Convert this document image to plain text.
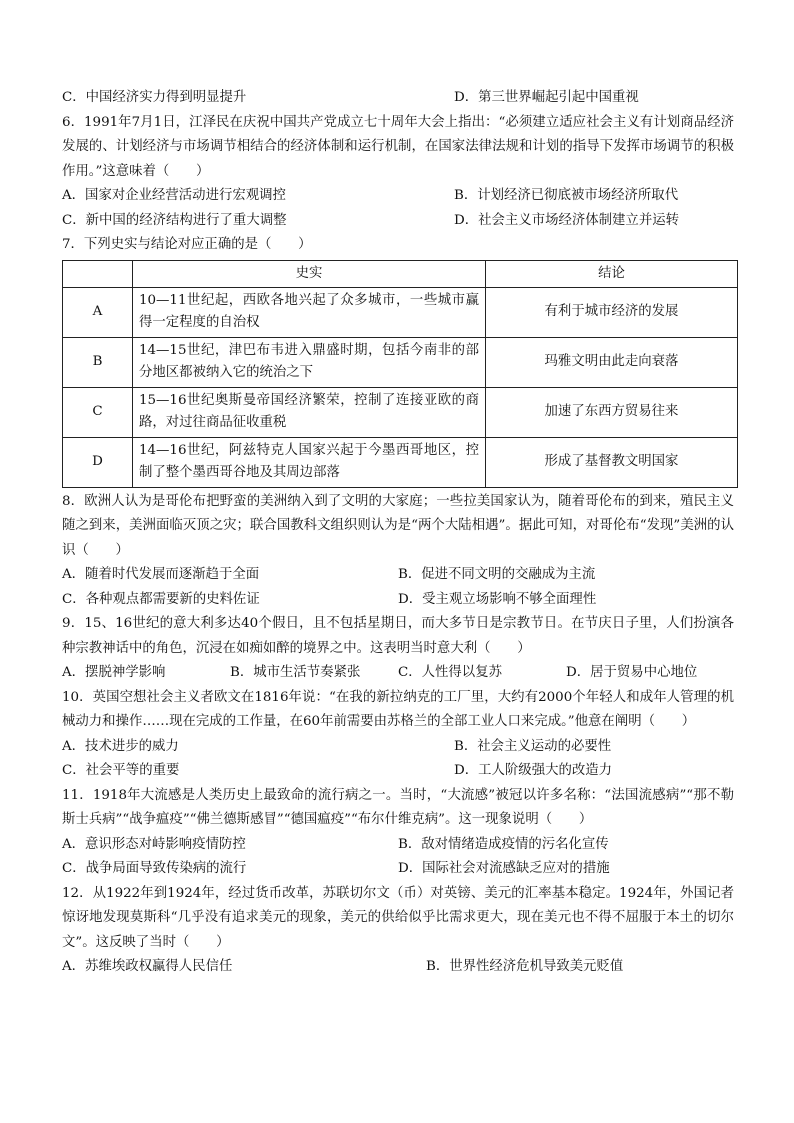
C．中国经济实力得到明显提升	D．第三世界崛起引起中国重视
6．1991年7月1日，江泽民在庆祝中国共产党成立七十周年大会上指出：“必须建立适应社会主义有计划商品经济发展的、计划经济与市场调节相结合的经济体制和运行机制，在国家法律法规和计划的指导下发挥市场调节的积极作用。”这意味着（　　）
A．国家对企业经营活动进行宏观调控	B．计划经济已彻底被市场经济所取代
C．新中国的经济结构进行了重大调整	D．社会主义市场经济体制建立并运转
7．下列史实与结论对应正确的是（　　）
	史实	结论
A	10—11世纪起，西欧各地兴起了众多城市，一些城市赢得一定程度的自治权	有利于城市经济的发展
B	14—15世纪，津巴布韦进入鼎盛时期，包括今南非的部分地区都被纳入它的统治之下	玛雅文明由此走向衰落
C	15—16世纪奥斯曼帝国经济繁荣，控制了连接亚欧的商路，对过往商品征收重税	加速了东西方贸易往来
D	14—16世纪，阿兹特克人国家兴起于今墨西哥地区，控制了整个墨西哥谷地及其周边部落	形成了基督教文明国家
8．欧洲人认为是哥伦布把野蛮的美洲纳入到了文明的大家庭；一些拉美国家认为，随着哥伦布的到来，殖民主义随之到来，美洲面临灭顶之灾；联合国教科文组织则认为是“两个大陆相遇”。据此可知，对哥伦布“发现”美洲的认识（　　）
A．随着时代发展而逐渐趋于全面	B．促进不同文明的交融成为主流
C．各种观点都需要新的史料佐证	D．受主观立场影响不够全面理性
9．15、16世纪的意大利多达40个假日，且不包括星期日，而大多节日是宗教节日。在节庆日子里，人们扮演各种宗教神话中的角色，沉浸在如痴如醉的境界之中。这表明当时意大利（　　）
A．摆脱神学影响	B．城市生活节奏紧张	C．人性得以复苏	D．居于贸易中心地位
10．英国空想社会主义者欧文在1816年说：“在我的新拉纳克的工厂里，大约有2000个年轻人和成年人管理的机械动力和操作……现在完成的工作量，在60年前需要由苏格兰的全部工业人口来完成。”他意在阐明（　　）
A．技术进步的威力	B．社会主义运动的必要性
C．社会平等的重要	D．工人阶级强大的改造力
11．1918年大流感是人类历史上最致命的流行病之一。当时，“大流感”被冠以许多名称：“法国流感病”“那不勒斯士兵病”“战争瘟疫”“佛兰德斯感冒”“德国瘟疫”“布尔什维克病”。这一现象说明（　　）
A．意识形态对峙影响疫情防控	B．敌对情绪造成疫情的污名化宣传
C．战争局面导致传染病的流行	D．国际社会对流感缺乏应对的措施
12．从1922年到1924年，经过货币改革，苏联切尔文（币）对英镑、美元的汇率基本稳定。1924年，外国记者惊讶地发现莫斯科“几乎没有追求美元的现象，美元的供给似乎比需求更大，现在美元也不得不屈服于本土的切尔文”。这反映了当时（　　）
A．苏维埃政权赢得人民信任	B．世界性经济危机导致美元贬值
